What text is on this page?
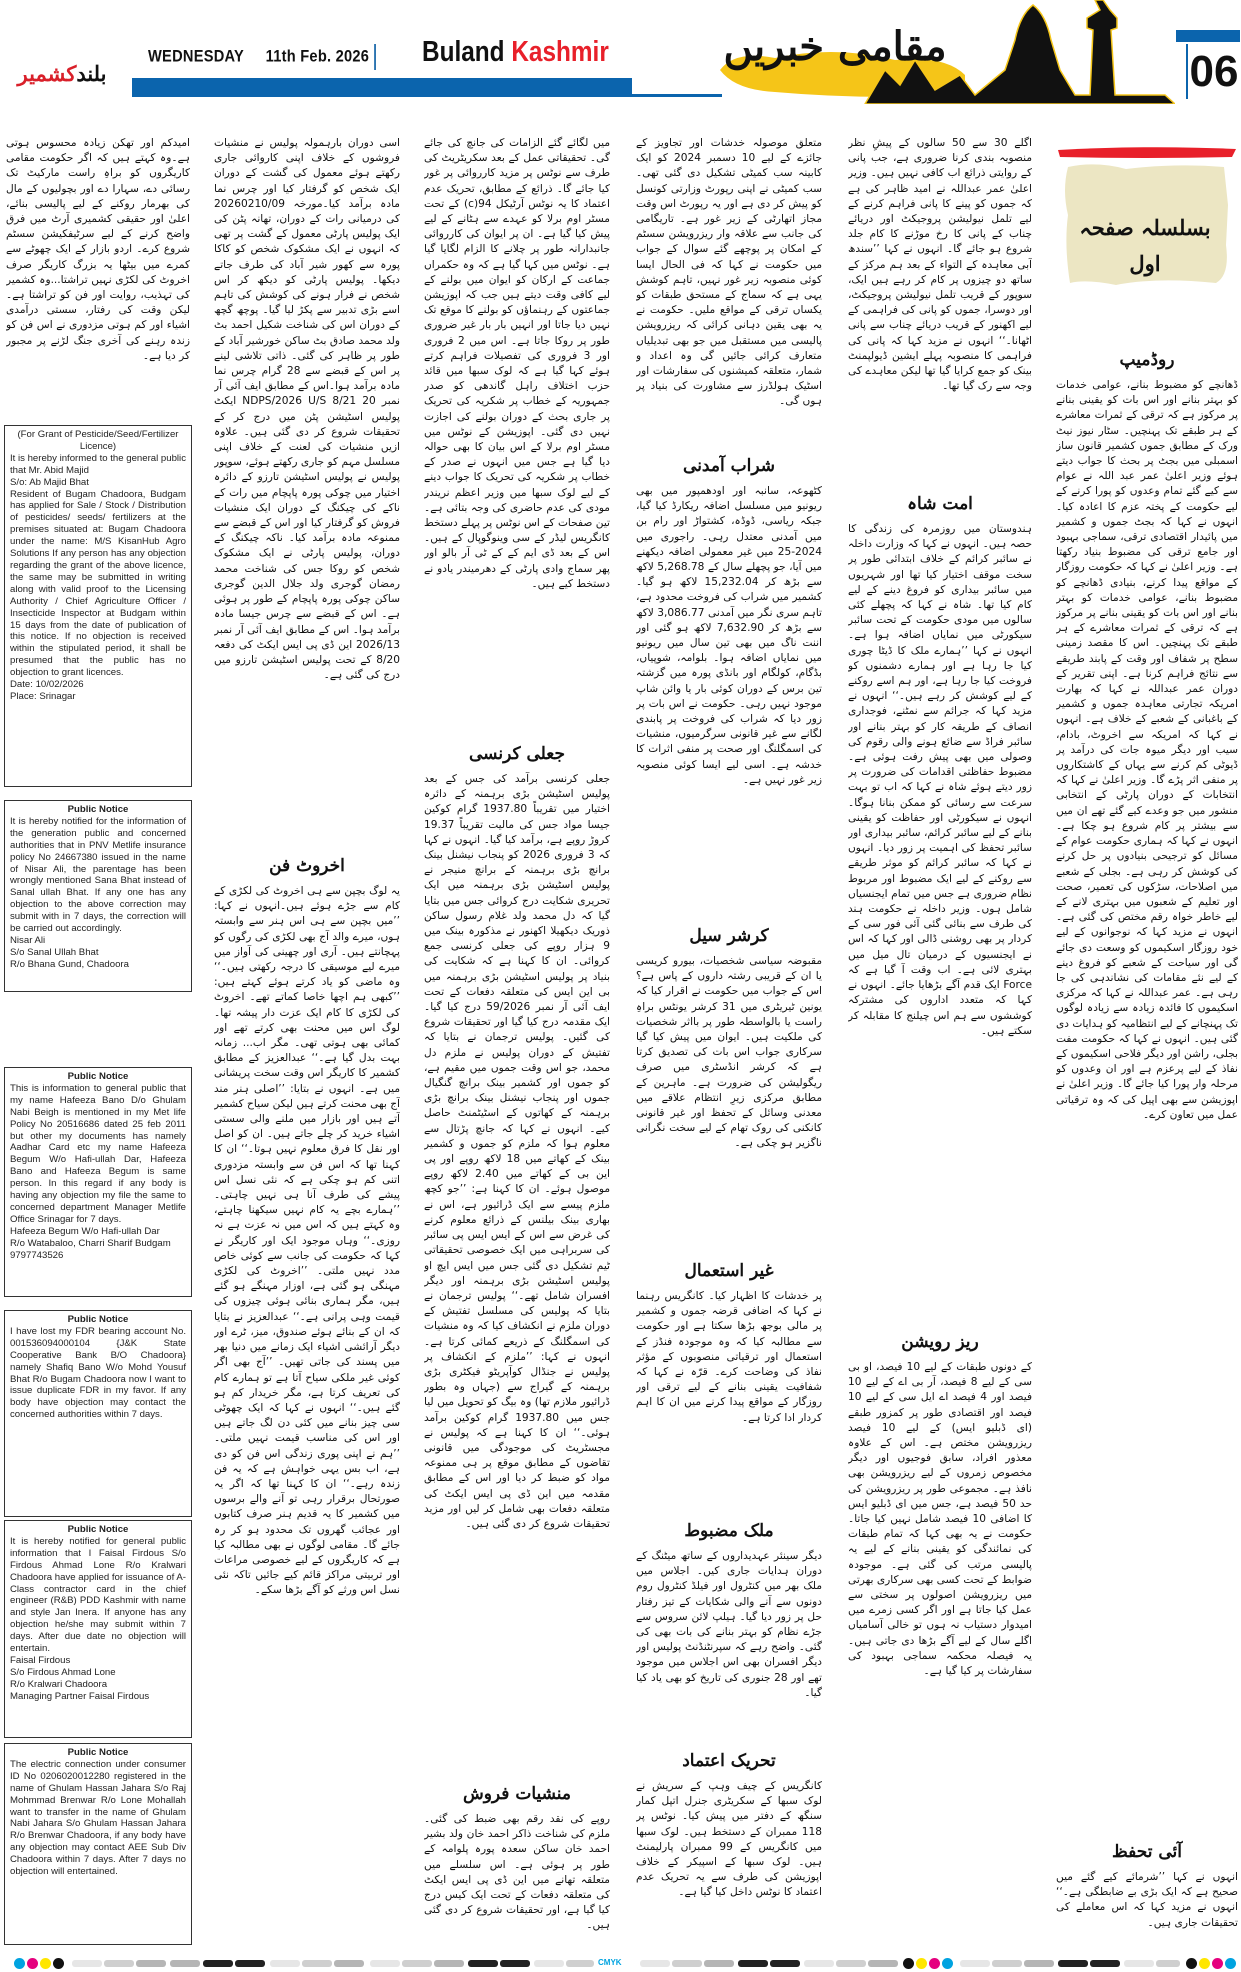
بلندکشمیر
WEDNESDAY 11th Feb. 2026	Buland Kashmir	مقامی خبریں
06
امیدکم اور تھکن زیادہ محسوس ہوتی ہے۔وہ کہتے ہیں کہ اگر حکومت مقامی کاریگروں کو براہِ راست مارکیٹ تک رسائی دے، سہارا دے اور بچولیوں کے مال کی بھرمار روکنے کے لیے پالیسی بنائے، اعلیٰ اور حقیقی کشمیری آرٹ میں فرق واضح کرنے کے لیے سرٹیفکیشن سسٹم شروع کرے۔ اردو بازار کے ایک چھوٹے سے کمرے میں بیٹھا یہ بزرگ کاریگر صرف اخروٹ کی لکڑی نہیں تراشتا...وہ کشمیر کی تہذیب، روایت اور فن کو تراشتا ہے۔لیکن وقت کی رفتار، سستی درآمدی اشیاء اور کم ہوتی مزدوری نے اس فن کو زندہ رہنے کی آخری جنگ لڑنے پر مجبور کر دیا ہے۔
(For Grant of Pesticide/Seed/Fertilizer Licence)
It is hereby informed to the general public that Mr. Abid Majid
S/o: Ab Majid Bhat
Resident of Bugam Chadoora, Budgam has applied for Sale / Stock / Distribution of pesticides/ seeds/ fertilizers at the premises situated at: Bugam Chadoora under the name: M/S KisanHub Agro Solutions If any person has any objection regarding the grant of the above licence, the same may be submitted in writing along with valid proof to the Licensing Authority / Chief Agriculture Officer / Insecticide Inspector at Budgam within 15 days from the date of publication of this notice. If no objection is received within the stipulated period, it shall be presumed that the public has no objection to grant licences.
Date: 10/02/2026
Place: Srinagar
Public Notice
It is hereby notified for the information of the generation public and concerned authorities that in PNV Metlife insurance policy No 24667380 issued in the name of Nisar Ali, the parentage has been wrongly mentioned Sana Bhat instead of Sanal ullah Bhat. If any one has any objection to the above correction may submit with in 7 days, the correction will be carried out accordingly.
Nisar Ali
S/o Sanal Ullah Bhat
R/o Bhana Gund, Chadoora
Public Notice
This is information to general public that my name Hafeeza Bano D/o Ghulam Nabi Beigh is mentioned in my Met life Policy No 20516686 dated 25 feb 2011 but other my documents has namely Aadhar Card etc my name Hafeeza Begum W/o Hafi-ullah Dar, Hafeeza Bano and Hafeeza Begum is same person. In this regard if any body is having any objection my file the same to concerned department Manager Metlife Office Srinagar for 7 days.
Hafeeza Begum W/o Hafi-ullah Dar
R/o Watabaloo, Charri Sharif Budgam
9797743526
Public Notice
I have lost my FDR bearing account No. 001536094000104 {J&K State Cooperative Bank B/O Chadoora} namely Shafiq Bano W/o Mohd Yousuf Bhat R/o Bugam Chadoora now I want to issue duplicate FDR in my favor. If any body have objection may contact the concerned authorities within 7 days.
Public Notice
It is hereby notified for general public information that I Faisal Firdous S/o Firdous Ahmad Lone R/o Kralwari Chadoora have applied for issuance of A-Class contractor card in the chief engineer (R&B) PDD Kashmir with name and style Jan Inera. If anyone has any objection he/she may submit within 7 days. After due date no objection will entertain.
Faisal Firdous
S/o Firdous Ahmad Lone
R/o Kralwari Chadoora
Managing Partner Faisal Firdous
Public Notice
The electric connection under consumer ID No 0206020012280 registered in the name of Ghulam Hassan Jahara S/o Raj Mohmmad Brenwar R/o Lone Mohallah want to transfer in the name of Ghulam Nabi Jahara S/o Ghulam Hassan Jahara R/o Brenwar Chadoora, if any body have any objection may contact AEE Sub Div Chadoora within 7 days. After 7 days no objection will entertained.
اسی دوران بارہمولہ پولیس نے منشیات فروشوں کے خلاف اپنی کاروائی جاری رکھتے ہوئے معمول کی گشت کے دوران ایک شخص کو گرفتار کیا اور چرس نما مادہ برآمد کیا۔مورخہ 20260210/09 کی درمیانی رات کے دوران، تھانہ پٹن کی ایک پولیس پارٹی معمول کے گشت پر تھی کہ انہوں نے ایک مشکوک شخص کو کاکا پورہ سے کھور شیر آباد کی طرف جاتے دیکھا۔ پولیس پارٹی کو دیکھ کر اس شخص نے فرار ہونے کی کوشش کی تاہم اسے بڑی تدبیر سے پکڑ لیا گیا۔ پوچھ گچھ کے دوران اس کی شناخت شکیل احمد بٹ ولد محمد صادق بٹ ساکن خورشیر آباد کے طور پر ظاہر کی گئی۔ ذاتی تلاشی لینے پر اس کے قبضے سے 28 گرام چرس نما مادہ برآمد ہوا۔اس کے مطابق ایف آئی آر نمبر 20 NDPS/2026 U/S 8/21 ایکٹ پولیس اسٹیشن پٹن میں درج کر کے تحقیقات شروع کر دی گئی ہیں۔ علاوہ ازیں منشیات کی لعنت کے خلاف اپنی مسلسل مہم کو جاری رکھتے ہوئے، سوپور پولیس نے پولیس اسٹیشن تارزو کے دائرہ اختیار میں چوکی پورہ پاپچام میں رات کے ناکے کی چیکنگ کے دوران ایک منشیات فروش کو گرفتار کیا اور اس کے قبضے سے ممنوعہ مادہ برآمد کیا۔ ناکہ چیکنگ کے دوران، پولیس پارٹی نے ایک مشکوک شخص کو روکا جس کی شناخت محمد رمضان گوجری ولد جلال الدین گوجری ساکن چوکی پورہ پاپچام کے طور پر ہوئی ہے۔ اس کے قبضے سے چرس جیسا مادہ برآمد ہوا۔ اس کے مطابق ایف آئی آر نمبر 2026/13 این ڈی پی ایس ایکٹ کی دفعہ 8/20 کے تحت پولیس اسٹیشن تارزو میں درج کی گئی ہے۔
اخروٹ فن
یہ لوگ بچپن سے ہی اخروٹ کی لکڑی کے کام سے جڑے ہوئے ہیں۔انہوں نے کہا: ’’میں بچپن سے ہی اس ہنر سے وابستہ ہوں، میرے والد آج بھی لکڑی کی رگوں کو پہچانتے ہیں۔ آری اور چھینی کی آواز میں میرے لیے موسیقی کا درجہ رکھتی ہیں۔‘‘ وہ ماضی کو یاد کرتے ہوئے کہتے ہیں: ’’کبھی ہم اچھا خاصا کماتے تھے۔ اخروٹ کی لکڑی کا کام ایک عزت دار پیشہ تھا۔ لوگ اس میں محنت بھی کرتے تھے اور کمائی بھی ہوتی تھی۔ مگر اب... زمانہ بہت بدل گیا ہے۔‘‘ عبدالعزیز کے مطابق کشمیر کا کاریگر اس وقت سخت پریشانی میں ہے۔ انہوں نے بتایا: ’’اصلی ہنر مند آج بھی محنت کرتے ہیں لیکن سیاح کشمیر آتے ہیں اور بازار میں ملنے والی سستی اشیاء خرید کر چلے جاتے ہیں۔ ان کو اصل اور نقل کا فرق معلوم نہیں ہوتا۔‘‘ ان کا کہنا تھا کہ اس فن سے وابستہ مزدوری اتنی کم ہو چکی ہے کہ نئی نسل اس پیشے کی طرف آنا ہی نہیں چاہتی۔ ’’ہمارے بچے یہ کام نہیں سیکھنا چاہتے، وہ کہتے ہیں کہ اس میں نہ عزت ہے نہ روزی۔‘‘ وہاں موجود ایک اور کاریگر نے کہا کہ حکومت کی جانب سے کوئی خاص مدد نہیں ملتی۔ ’’اخروٹ کی لکڑی مہنگی ہو گئی ہے، اوزار مہنگے ہو گئے ہیں، مگر ہماری بنائی ہوئی چیزوں کی قیمت وہی پرانی ہے۔‘‘ عبدالعزیز نے بتایا کہ ان کے بنائے ہوئے صندوق، میز، ٹرے اور دیگر آرائشی اشیاء ایک زمانے میں دنیا بھر میں پسند کی جاتی تھیں۔ ’’آج بھی اگر کوئی غیر ملکی سیاح آتا ہے تو ہمارے کام کی تعریف کرتا ہے، مگر خریدار کم ہو گئے ہیں۔‘‘ انہوں نے کہا کہ ایک چھوٹی سی چیز بنانے میں کئی دن لگ جاتے ہیں اور اس کی مناسب قیمت نہیں ملتی۔ ’’ہم نے اپنی پوری زندگی اس فن کو دی ہے، اب بس یہی خواہش ہے کہ یہ فن زندہ رہے۔‘‘ ان کا کہنا تھا کہ اگر یہ صورتحال برقرار رہی تو آنے والے برسوں میں کشمیر کا یہ قدیم ہنر صرف کتابوں اور عجائب گھروں تک محدود ہو کر رہ جائے گا۔ مقامی لوگوں نے بھی مطالبہ کیا ہے کہ کاریگروں کے لیے خصوصی مراعات اور تربیتی مراکز قائم کیے جائیں تاکہ نئی نسل اس ورثے کو آگے بڑھا سکے۔
میں لگائے گئے الزامات کی جانچ کی جائے گی۔ تحقیقاتی عمل کے بعد سکریٹریٹ کی طرف سے نوٹس پر مزید کارروائی پر غور کیا جائے گا۔ ذرائع کے مطابق، تحریک عدم اعتماد کا یہ نوٹس آرٹیکل 94(c) کے تحت مسٹر اوم برلا کو عہدے سے ہٹانے کے لیے پیش کیا گیا ہے۔ ان پر ایوان کی کارروائی جانبدارانہ طور پر چلانے کا الزام لگایا گیا ہے۔ نوٹس میں کہا گیا ہے کہ وہ حکمراں جماعت کے ارکان کو ایوان میں بولنے کے لیے کافی وقت دیتے ہیں جب کہ اپوزیشن جماعتوں کے رہنماؤں کو بولنے کا موقع تک نہیں دیا جاتا اور انہیں بار بار غیر ضروری طور پر روکا جاتا ہے۔ اس میں 2 فروری اور 3 فروری کی تفصیلات فراہم کرتے ہوئے کہا گیا ہے کہ لوک سبھا میں قائد حزب اختلاف راہل گاندھی کو صدر جمہوریہ کے خطاب پر شکریہ کی تحریک پر جاری بحث کے دوران بولنے کی اجازت نہیں دی گئی۔ اپوزیشن کے نوٹس میں مسٹر اوم برلا کے اس بیان کا بھی حوالہ دیا گیا ہے جس میں انہوں نے صدر کے خطاب پر شکریہ کی تحریک کا جواب دینے کے لیے لوک سبھا میں وزیر اعظم نریندر مودی کی عدم حاضری کی وجہ بتائی ہے۔ تین صفحات کے اس نوٹس پر پہلے دستخط کانگریس لیڈر کے سی وینوگوپال کے ہیں۔ اس کے بعد ڈی ایم کے کے ٹی آر بالو اور پھر سماج وادی پارٹی کے دھرمیندر یادو نے دستخط کیے ہیں۔
جعلی کرنسی
جعلی کرنسی برآمد کی جس کے بعد پولیس اسٹیشن بڑی برہمنہ کے دائرہ اختیار میں تقریباً 1937.80 گرام کوکین جیسا مواد جس کی مالیت تقریباً 19.37 کروڑ روپے ہے، برآمد کیا گیا۔ انہوں نے کہا کہ 3 فروری 2026 کو پنجاب نیشنل بینک برانچ بڑی برہمنہ کے برانچ منیجر نے پولیس اسٹیشن بڑی برہمنہ میں ایک تحریری شکایت درج کروائی جس میں بتایا گیا کہ دل محمد ولد غلام رسول ساکن ذوریک دیکھیلا اکھنور نے مذکورہ بینک میں 9 ہزار روپے کی جعلی کرنسی جمع کروائی۔ ان کا کہنا ہے کہ شکایت کی بنیاد پر پولیس اسٹیشن بڑی برہمنہ میں بی این ایس کی متعلقہ دفعات کے تحت ایف آئی آر نمبر 59/2026 درج کیا گیا۔ ایک مقدمہ درج کیا گیا اور تحقیقات شروع کی گئیں۔ پولیس ترجمان نے بتایا کہ تفتیش کے دوران پولیس نے ملزم دل محمد، جو اس وقت جموں میں مقیم ہے، کو جموں اور کشمیر بینک برانچ گنگیال جموں اور پنجاب نیشنل بینک برانچ بڑی برہمنہ کے کھاتوں کے اسٹیٹمنٹ حاصل کیے۔ انہوں نے کہا کہ جانچ پڑتال سے معلوم ہوا کہ ملزم کو جموں و کشمیر بینک کے کھاتے میں 18 لاکھ روپے اور پی این بی کے کھاتے میں 2.40 لاکھ روپے موصول ہوئے۔ ان کا کہنا ہے: ’’جو کچھ ملزم پیسے سے ایک ڈرائیور ہے، اس نے بھاری بینک بیلنس کے ذرائع معلوم کرنے کی غرض سے اس کے ایس ایس پی سائبر کی سربراہی میں ایک خصوصی تحقیقاتی ٹیم تشکیل دی گئی جس میں ایس ایچ او پولیس اسٹیشن بڑی برہمنہ اور دیگر افسران شامل تھے۔‘‘ پولیس ترجمان نے بتایا کہ پولیس کی مسلسل تفتیش کے دوران ملزم نے انکشاف کیا کہ وہ منشیات کی اسمگلنگ کے ذریعے کمائی کرتا ہے۔ انہوں نے کہا: ’’ملزم کے انکشاف پر پولیس نے جنڈال کوآپریٹو فیکٹری بڑی برہمنہ کے گیراج سے (جہاں وہ بطور ڈرائیور ملازم تھا) وہ بیگ کو تحویل میں لیا جس میں 1937.80 گرام کوکین برآمد ہوئی۔‘‘ ان کا کہنا ہے کہ پولیس نے مجسٹریٹ کی موجودگی میں قانونی تقاضوں کے مطابق موقع پر ہی ممنوعہ مواد کو ضبط کر دیا اور اس کے مطابق مقدمہ میں این ڈی پی ایس ایکٹ کی متعلقہ دفعات بھی شامل کر لیں اور مزید تحقیقات شروع کر دی گئی ہیں۔
منشیات فروش
روپے کی نقد رقم بھی ضبط کی گئی۔ ملزم کی شناخت ذاکر احمد خان ولد بشیر احمد خان ساکن سعدہ پورہ پلوامہ کے طور پر ہوئی ہے۔ اس سلسلے میں متعلقہ تھانے میں این ڈی پی ایس ایکٹ کی متعلقہ دفعات کے تحت ایک کیس درج کیا گیا ہے، اور تحقیقات شروع کر دی گئی ہیں۔
متعلق موصولہ خدشات اور تجاویز کے جائزے کے لیے 10 دسمبر 2024 کو ایک کابینہ سب کمیٹی تشکیل دی گئی تھی۔ سب کمیٹی نے اپنی رپورٹ وزارتی کونسل کو پیش کر دی ہے اور یہ رپورٹ اس وقت مجاز اتھارٹی کے زیر غور ہے۔ تاریگامی کی جانب سے علاقہ وار ریزرویشن سسٹم کے امکان پر پوچھے گئے سوال کے جواب میں حکومت نے کہا کہ فی الحال ایسا کوئی منصوبہ زیر غور نہیں، تاہم کوشش یہی ہے کہ سماج کے مستحق طبقات کو یکساں ترقی کے مواقع ملیں۔ حکومت نے یہ بھی یقین دہانی کرائی کہ ریزرویشن پالیسی میں مستقبل میں جو بھی تبدیلیاں متعارف کرائی جائیں گی وہ اعداد و شمار، متعلقہ کمیشنوں کی سفارشات اور اسٹیک ہولڈرز سے مشاورت کی بنیاد پر ہوں گی۔
شراب آمدنی
کٹھوعہ، سانبہ اور اودھمپور میں بھی ریونیو میں مسلسل اضافہ ریکارڈ کیا گیا، جبکہ ریاسی، ڈوڈہ، کشتواڑ اور رام بن میں آمدنی معتدل رہی۔ راجوری میں 2024-25 میں غیر معمولی اضافہ دیکھنے میں آیا، جو پچھلے سال کے 5,268.78 لاکھ سے بڑھ کر 15,232.04 لاکھ ہو گیا۔ کشمیر میں شراب کی فروخت محدود ہے، تاہم سری نگر میں آمدنی 3,086.77 لاکھ سے بڑھ کر 7,632.90 لاکھ ہو گئی اور اننت ناگ میں بھی تین سال میں ریونیو میں نمایاں اضافہ ہوا۔ بلوامہ، شوپیاں، بڈگام، کولگام اور بانڈی پورہ میں گزشتہ تین برس کے دوران کوئی بار یا وائن شاپ موجود نہیں رہی۔ حکومت نے اس بات پر زور دیا کہ شراب کی فروخت پر پابندی لگانے سے غیر قانونی سرگرمیوں، منشیات کی اسمگلنگ اور صحت پر منفی اثرات کا خدشہ ہے۔ اسی لیے ایسا کوئی منصوبہ زیر غور نہیں ہے۔
کرشر سیل
مقبوضہ سیاسی شخصیات، بیورو کریسی یا ان کے قریبی رشتہ داروں کے پاس ہے؟ اس کے جواب میں حکومت نے اقرار کیا کہ یونین ٹیریٹری میں 31 کرشر یونٹس براہِ راست یا بالواسطہ طور پر بااثر شخصیات کی ملکیت ہیں۔ ایوان میں پیش کیا گیا سرکاری جواب اس بات کی تصدیق کرتا ہے کہ کرشر انڈسٹری میں صرف ریگولیشن کی ضرورت ہے۔ ماہرین کے مطابق مرکزی زیرِ انتظام علاقے میں معدنی وسائل کے تحفظ اور غیر قانونی کانکنی کی روک تھام کے لیے سخت نگرانی ناگزیر ہو چکی ہے۔
غیر استعمال
پر خدشات کا اظہار کیا۔ کانگریس رہنما نے کہا کہ اضافی قرضہ جموں و کشمیر پر مالی بوجھ بڑھا سکتا ہے اور حکومت سے مطالبہ کیا کہ وہ موجودہ فنڈز کے استعمال اور ترقیاتی منصوبوں کے مؤثر نفاذ کی وضاحت کرے۔ قرّہ نے کہا کہ شفافیت یقینی بنانے کے لیے ترقی اور روزگار کے مواقع پیدا کرنے میں ان کا اہم کردار ادا کرتا ہے۔
ملک مضبوط
دیگر سینئر عہدیداروں کے ساتھ میٹنگ کے دوران ہدایات جاری کیں۔ اجلاس میں ملک بھر میں کنٹرول اور فیلڈ کنٹرول روم دونوں سے آنے والی شکایات کے تیز رفتار حل پر زور دیا گیا۔ ہیلپ لائن سروس سے جڑے نظام کو بہتر بنانے کی بات بھی کی گئی۔ واضح رہے کہ سپرنٹنڈنٹ پولیس اور دیگر افسران بھی اس اجلاس میں موجود تھے اور 28 جنوری کی تاریخ کو بھی یاد کیا گیا۔
تحریک اعتماد
کانگریس کے چیف وہپ کے سریش نے لوک سبھا کے سکریٹری جنرل اتپل کمار سنگھ کے دفتر میں پیش کیا۔ نوٹس پر 118 ممبران کے دستخط ہیں۔ لوک سبھا میں کانگریس کے 99 ممبران پارلیمنٹ ہیں۔ لوک سبھا کے اسپیکر کے خلاف اپوزیشن کی طرف سے یہ تحریک عدم اعتماد کا نوٹس داخل کیا گیا ہے۔
اگلے 30 سے 50 سالوں کے پیشِ نظر منصوبہ بندی کرنا ضروری ہے، جب پانی کے روایتی ذرائع اب کافی نہیں ہیں۔ وزیر اعلیٰ عمر عبداللہ نے امید ظاہر کی ہے کہ جموں کو پینے کا پانی فراہم کرنے کے لیے تلمل نیولیشن پروجیکٹ اور دریائے چناب کے پانی کا رخ موڑنے کا کام جلد شروع ہو جائے گا۔ انہوں نے کہا ’’سندھ آبی معاہدہ کے التواء کے بعد ہم مرکز کے ساتھ دو چیزوں پر کام کر رہے ہیں ایک، سوپور کے قریب تلمل نیولیشن پروجیکٹ، اور دوسرا، جموں کو پانی کی فراہمی کے لیے اکھنور کے قریب دریائے چناب سے پانی اٹھانا۔‘‘ انہوں نے مزید کہا کہ پانی کی فراہمی کا منصوبہ پہلے ایشین ڈیولپمنٹ بینک کو جمع کرایا گیا تھا لیکن معاہدے کی وجہ سے رک گیا تھا۔
امت شاہ
ہندوستان میں روزمرہ کی زندگی کا حصہ ہیں۔ انہوں نے کہا کہ وزارت داخلہ نے سائبر کرائم کے خلاف ابتدائی طور پر سخت موقف اختیار کیا تھا اور شہریوں میں سائبر بیداری کو فروغ دینے کے لیے کام کیا تھا۔ شاہ نے کہا کہ پچھلے کئی سالوں میں مودی حکومت کے تحت سائبر سیکورٹی میں نمایاں اضافہ ہوا ہے۔ انہوں نے کہا ’’ہمارے ملک کا ڈیٹا چوری کیا جا رہا ہے اور ہمارے دشمنوں کو فروخت کیا جا رہا ہے، اور ہم اسے روکنے کے لیے کوشش کر رہے ہیں۔‘‘ انہوں نے مزید کہا کہ جرائم سے نمٹنے، فوجداری انصاف کے طریقہ کار کو بہتر بنانے اور سائبر فراڈ سے ضائع ہونے والی رقوم کی وصولی میں بھی پیش رفت ہوئی ہے۔ مضبوط حفاظتی اقدامات کی ضرورت پر زور دیتے ہوئے شاہ نے کہا کہ اب تو بہت سرعت سے رسائی کو ممکن بنانا ہوگا۔ انہوں نے سیکورٹی اور حفاظت کو یقینی بنانے کے لیے سائبر کرائم، سائبر بیداری اور سائبر تحفظ کی اہمیت پر زور دیا۔ انہوں نے کہا کہ سائبر کرائم کو موثر طریقے سے روکنے کے لیے ایک مضبوط اور مربوط نظام ضروری ہے جس میں تمام ایجنسیاں شامل ہوں۔ وزیر داخلہ نے حکومت ہند کی طرف سے بنائی گئی آئی فور سی کے کردار پر بھی روشنی ڈالی اور کہا کہ اس نے ایجنسیوں کے درمیان تال میل میں بہتری لائی ہے۔ اب وقت آ گیا ہے کہ Force ایک قدم آگے بڑھایا جائے۔ انہوں نے کہا کہ متعدد اداروں کی مشترکہ کوششوں سے ہم اس چیلنج کا مقابلہ کر سکتے ہیں۔
ریز رویشن
کے دونوں طبقات کے لیے 10 فیصد، او بی سی کے لیے 8 فیصد، آر بی اے کے لیے 10 فیصد اور 4 فیصد اے ایل سی کے لیے 10 فیصد اور اقتصادی طور پر کمزور طبقے (ای ڈبلیو ایس) کے لیے 10 فیصد ریزرویشن مختص ہے۔ اس کے علاوہ معذور افراد، سابق فوجیوں اور دیگر مخصوص زمروں کے لیے ریزرویشن بھی نافذ ہے۔ مجموعی طور پر ریزرویشن کی حد 50 فیصد ہے، جس میں ای ڈبلیو ایس کا اضافی 10 فیصد شامل نہیں کیا جاتا۔ حکومت نے یہ بھی کہا کہ تمام طبقات کی نمائندگی کو یقینی بنانے کے لیے یہ پالیسی مرتب کی گئی ہے۔ موجودہ ضوابط کے تحت کسی بھی سرکاری بھرتی میں ریزرویشن اصولوں پر سختی سے عمل کیا جاتا ہے اور اگر کسی زمرے میں امیدوار دستیاب نہ ہوں تو خالی آسامیاں اگلے سال کے لیے آگے بڑھا دی جاتی ہیں۔ یہ فیصلہ محکمہ سماجی بہبود کی سفارشات پر کیا گیا ہے۔
بسلسلہ صفحہ اول
روڈمیپ
ڈھانچے کو مضبوط بنانے، عوامی خدمات کو بہتر بنانے اور اس بات کو یقینی بنانے پر مرکوز ہے کہ ترقی کے ثمرات معاشرے کے ہر طبقے تک پہنچیں۔ سٹار نیوز نیٹ ورک کے مطابق جموں کشمیر قانون ساز اسمبلی میں بجٹ پر بحث کا جواب دیتے ہوئے وزیر اعلیٰ عمر عبد اللہ نے عوام سے کیے گئے تمام وعدوں کو پورا کرنے کے لیے حکومت کے پختہ عزم کا اعادہ کیا۔ انہوں نے کہا کہ بجٹ جموں و کشمیر میں پائیدار اقتصادی ترقی، سماجی بہبود اور جامع ترقی کی مضبوط بنیاد رکھتا ہے۔ وزیر اعلیٰ نے کہا کہ حکومت روزگار کے مواقع پیدا کرنے، بنیادی ڈھانچے کو مضبوط بنانے، عوامی خدمات کو بہتر بنانے اور اس بات کو یقینی بنانے پر مرکوز ہے کہ ترقی کے ثمرات معاشرے کے ہر طبقے تک پہنچیں۔ اس کا مقصد زمینی سطح پر شفاف اور وقت کے پابند طریقے سے نتائج فراہم کرنا ہے۔ اپنی تقریر کے دوران عمر عبداللہ نے کہا کہ بھارت امریکہ تجارتی معاہدہ جموں و کشمیر کے باغبانی کے شعبے کے خلاف ہے۔ انہوں نے کہا کہ امریکہ سے اخروٹ، بادام، سیب اور دیگر میوہ جات کی درآمد پر ڈیوٹی کم کرنے سے یہاں کے کاشتکاروں پر منفی اثر پڑے گا۔ وزیر اعلیٰ نے کہا کہ انتخابات کے دوران پارٹی کے انتخابی منشور میں جو وعدے کیے گئے تھے ان میں سے بیشتر پر کام شروع ہو چکا ہے۔ انہوں نے کہا کہ ہماری حکومت عوام کے مسائل کو ترجیحی بنیادوں پر حل کرنے کی کوشش کر رہی ہے۔ بجلی کے شعبے میں اصلاحات، سڑکوں کی تعمیر، صحت اور تعلیم کے شعبوں میں بہتری لانے کے لیے خاطر خواہ رقم مختص کی گئی ہے۔ انہوں نے مزید کہا کہ نوجوانوں کے لیے خود روزگار اسکیموں کو وسعت دی جائے گی اور سیاحت کے شعبے کو فروغ دینے کے لیے نئے مقامات کی نشاندہی کی جا رہی ہے۔ عمر عبداللہ نے کہا کہ مرکزی اسکیموں کا فائدہ زیادہ سے زیادہ لوگوں تک پہنچانے کے لیے انتظامیہ کو ہدایات دی گئی ہیں۔ انہوں نے کہا کہ حکومت مفت بجلی، راشن اور دیگر فلاحی اسکیموں کے نفاذ کے لیے پرعزم ہے اور ان وعدوں کو مرحلہ وار پورا کیا جائے گا۔ وزیر اعلیٰ نے اپوزیشن سے بھی اپیل کی کہ وہ ترقیاتی عمل میں تعاون کرے۔
آئی تحفظ
انہوں نے کہا ’’شرمائے کیے گئے میں صحیح ہے کہ ایک بڑی بے ضابطگی ہے۔‘‘ انہوں نے مزید کہا کہ اس معاملے کی تحقیقات جاری ہیں۔
CMYK
